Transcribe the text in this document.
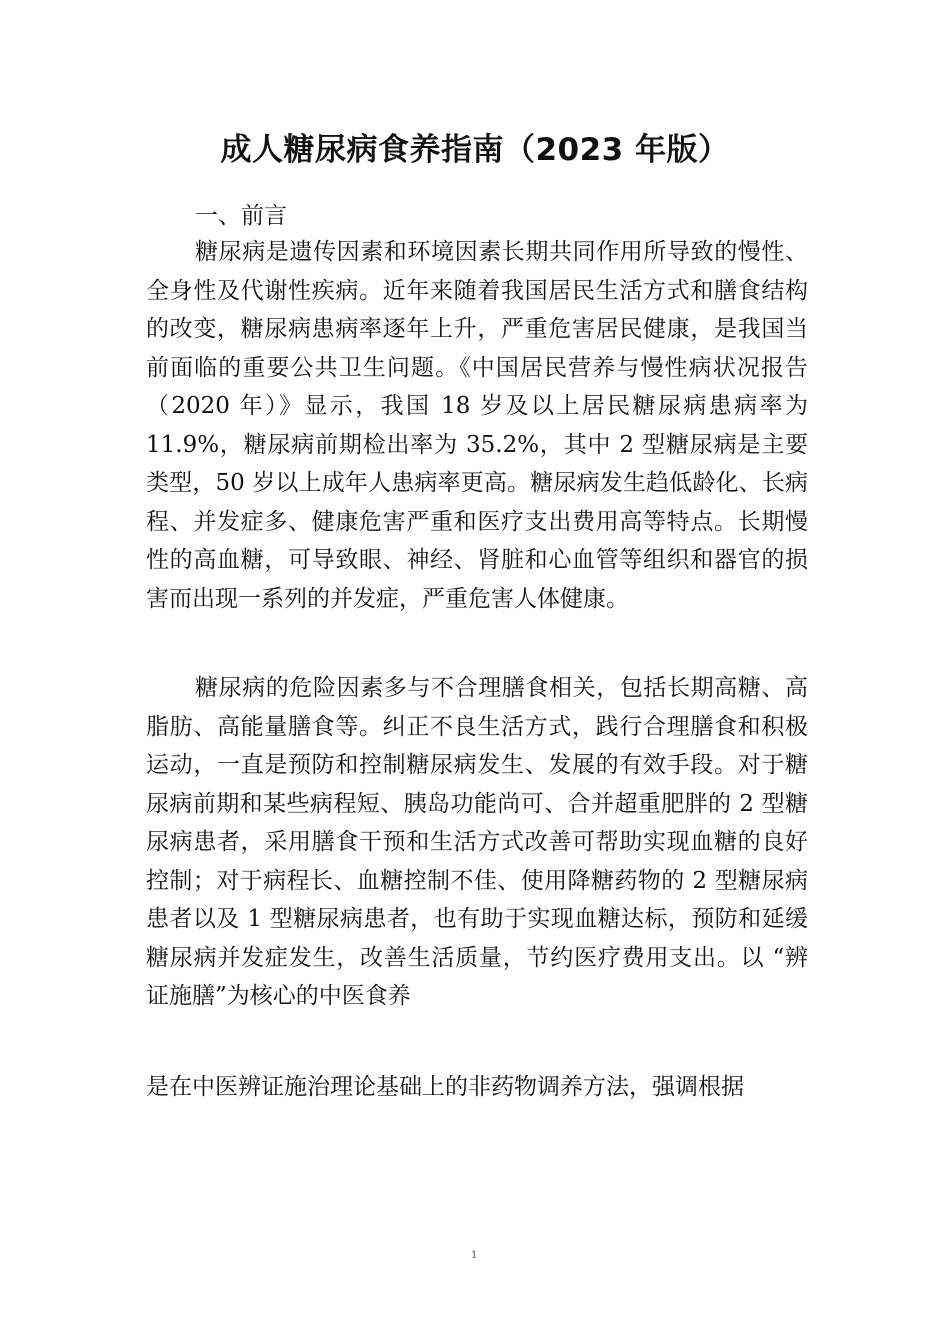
成人糖尿病食养指南（2023 年版）

一、前言

糖尿病是遗传因素和环境因素长期共同作用所导致的慢性、全身性及代谢性疾病。近年来随着我国居民生活方式和膳食结构的改变，糖尿病患病率逐年上升，严重危害居民健康，是我国当前面临的重要公共卫生问题。《中国居民营养与慢性病状况报告（2020 年）》显示，我国 18 岁及以上居民糖尿病患病率为 11.9%，糖尿病前期检出率为 35.2%，其中 2 型糖尿病是主要类型，50 岁以上成年人患病率更高。糖尿病发生趋低龄化、长病程、并发症多、健康危害严重和医疗支出费用高等特点。长期慢性的高血糖，可导致眼、神经、肾脏和心血管等组织和器官的损害而出现一系列的并发症，严重危害人体健康。

糖尿病的危险因素多与不合理膳食相关，包括长期高糖、高脂肪、高能量膳食等。纠正不良生活方式，践行合理膳食和积极运动，一直是预防和控制糖尿病发生、发展的有效手段。对于糖尿病前期和某些病程短、胰岛功能尚可、合并超重肥胖的 2 型糖尿病患者，采用膳食干预和生活方式改善可帮助实现血糖的良好控制；对于病程长、血糖控制不佳、使用降糖药物的 2 型糖尿病患者以及 1 型糖尿病患者，也有助于实现血糖达标，预防和延缓糖尿病并发症发生，改善生活质量，节约医疗费用支出。以 “辨证施膳”为核心的中医食养

是在中医辨证施治理论基础上的非药物调养方法，强调根据

1
